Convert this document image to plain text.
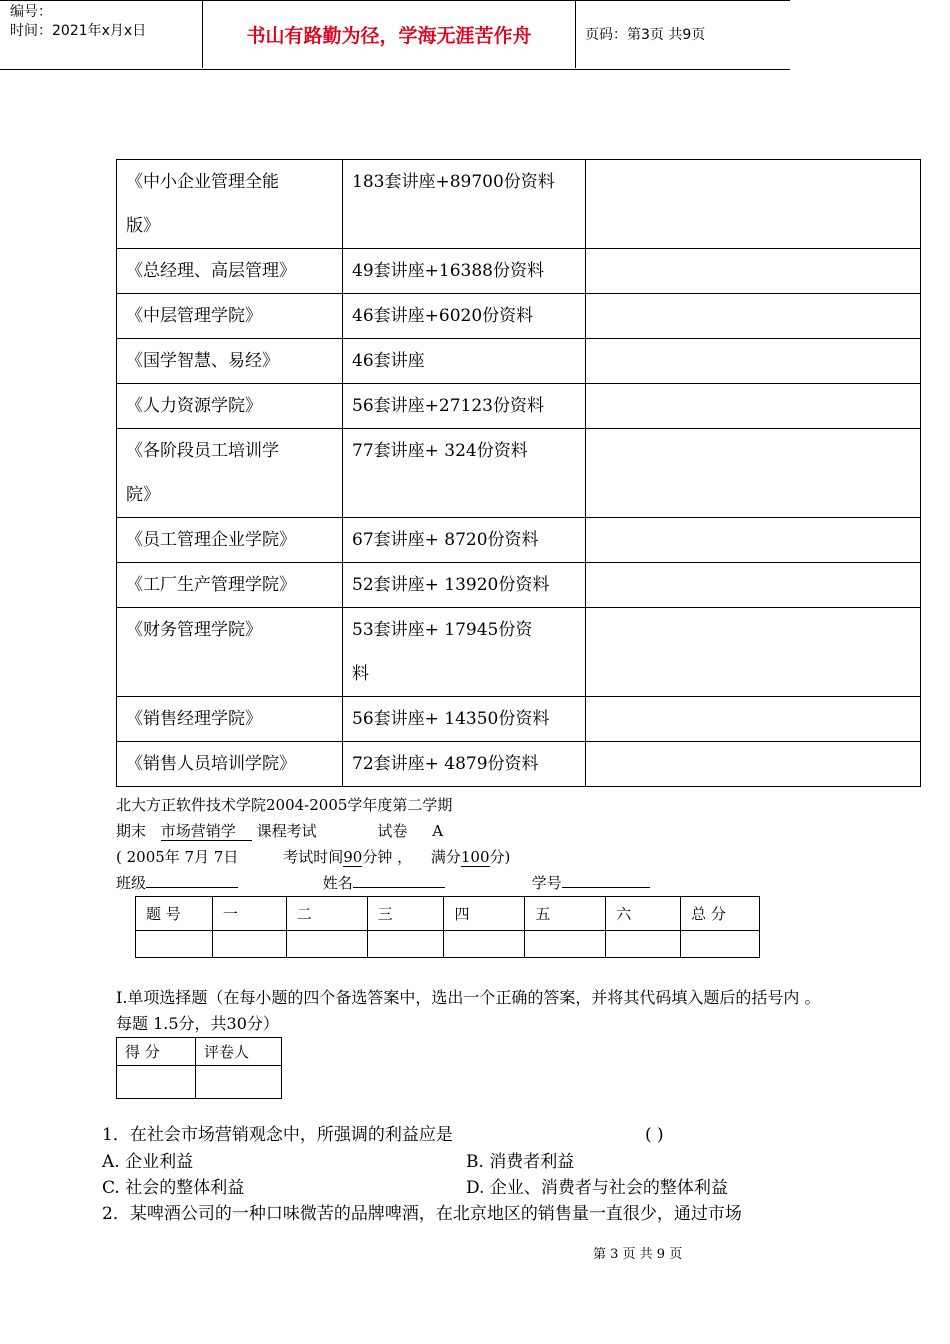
编号：
时间：2021年x月x日	书山有路勤为径，学海无涯苦作舟	页码：第3页 共9页
《中小企业管理全能
版》	183套讲座+89700份资料	

《总经理、高层管理》	49套讲座+16388份资料	

《中层管理学院》	46套讲座+6020份资料	

《国学智慧、易经》	46套讲座	

《人力资源学院》	56套讲座+27123份资料	

《各阶段员工培训学
院》	77套讲座+ 324份资料	

《员工管理企业学院》	67套讲座+ 8720份资料	

《工厂生产管理学院》	52套讲座+ 13920份资料	

《财务管理学院》	53套讲座+ 17945份资
料	

《销售经理学院》	56套讲座+ 14350份资料	

《销售人员培训学院》	72套讲座+ 4879份资料	

北大方正软件技术学院2004-2005学年度第二学期
期末 市场营销学 课程考试	试卷 A
( 2005年 7月 7日	考试时间90分钟 ， 满分100分)
班级	姓名	学号
题 号	一	二	三	四	五	六	总 分

I.单项选择题（在每小题的四个备选答案中，选出一个正确的答案，并将其代码填入题后的括号内 。
每题 1.5分，共30分）
得 分	评卷人

1．在社会市场营销观念中，所强调的利益应是	( )
A. 企业利益	B. 消费者利益
C. 社会的整体利益	D. 企业、消费者与社会的整体利益
2．某啤酒公司的一种口味微苦的品牌啤酒，在北京地区的销售量一直很少，通过市场
第 3 页 共 9 页
